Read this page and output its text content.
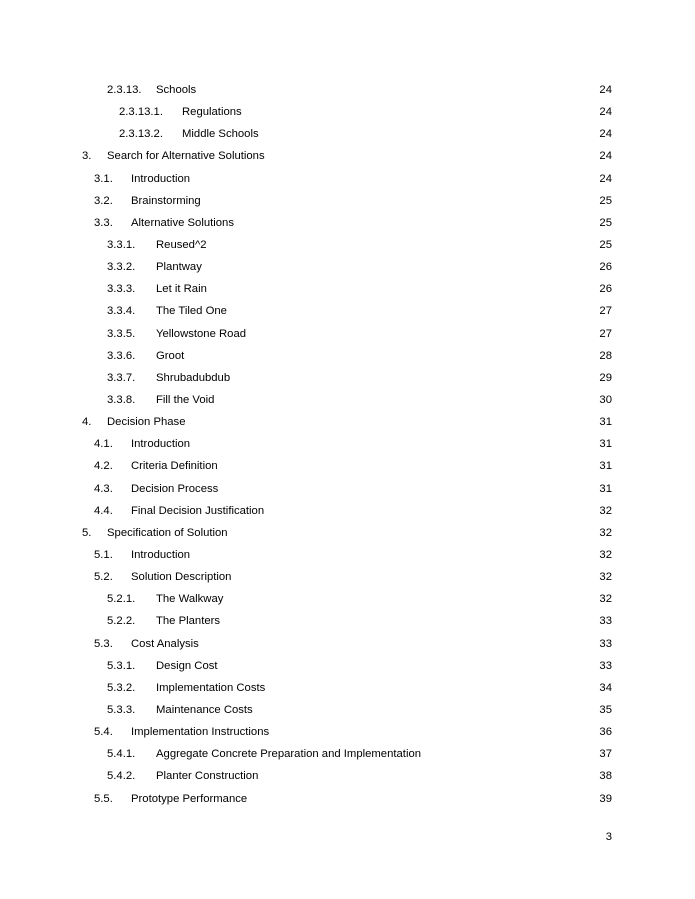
2.3.13. Schools	24
2.3.13.1. Regulations	24
2.3.13.2. Middle Schools	24
3. Search for Alternative Solutions	24
3.1. Introduction	24
3.2. Brainstorming	25
3.3. Alternative Solutions	25
3.3.1. Reused^2	25
3.3.2. Plantway	26
3.3.3. Let it Rain	26
3.3.4. The Tiled One	27
3.3.5. Yellowstone Road	27
3.3.6. Groot	28
3.3.7. Shrubadubdub	29
3.3.8. Fill the Void	30
4. Decision Phase	31
4.1. Introduction	31
4.2. Criteria Definition	31
4.3. Decision Process	31
4.4. Final Decision Justification	32
5. Specification of Solution	32
5.1. Introduction	32
5.2. Solution Description	32
5.2.1. The Walkway	32
5.2.2. The Planters	33
5.3. Cost Analysis	33
5.3.1. Design Cost	33
5.3.2. Implementation Costs	34
5.3.3. Maintenance Costs	35
5.4. Implementation Instructions	36
5.4.1. Aggregate Concrete Preparation and Implementation	37
5.4.2. Planter Construction	38
5.5. Prototype Performance	39
3
